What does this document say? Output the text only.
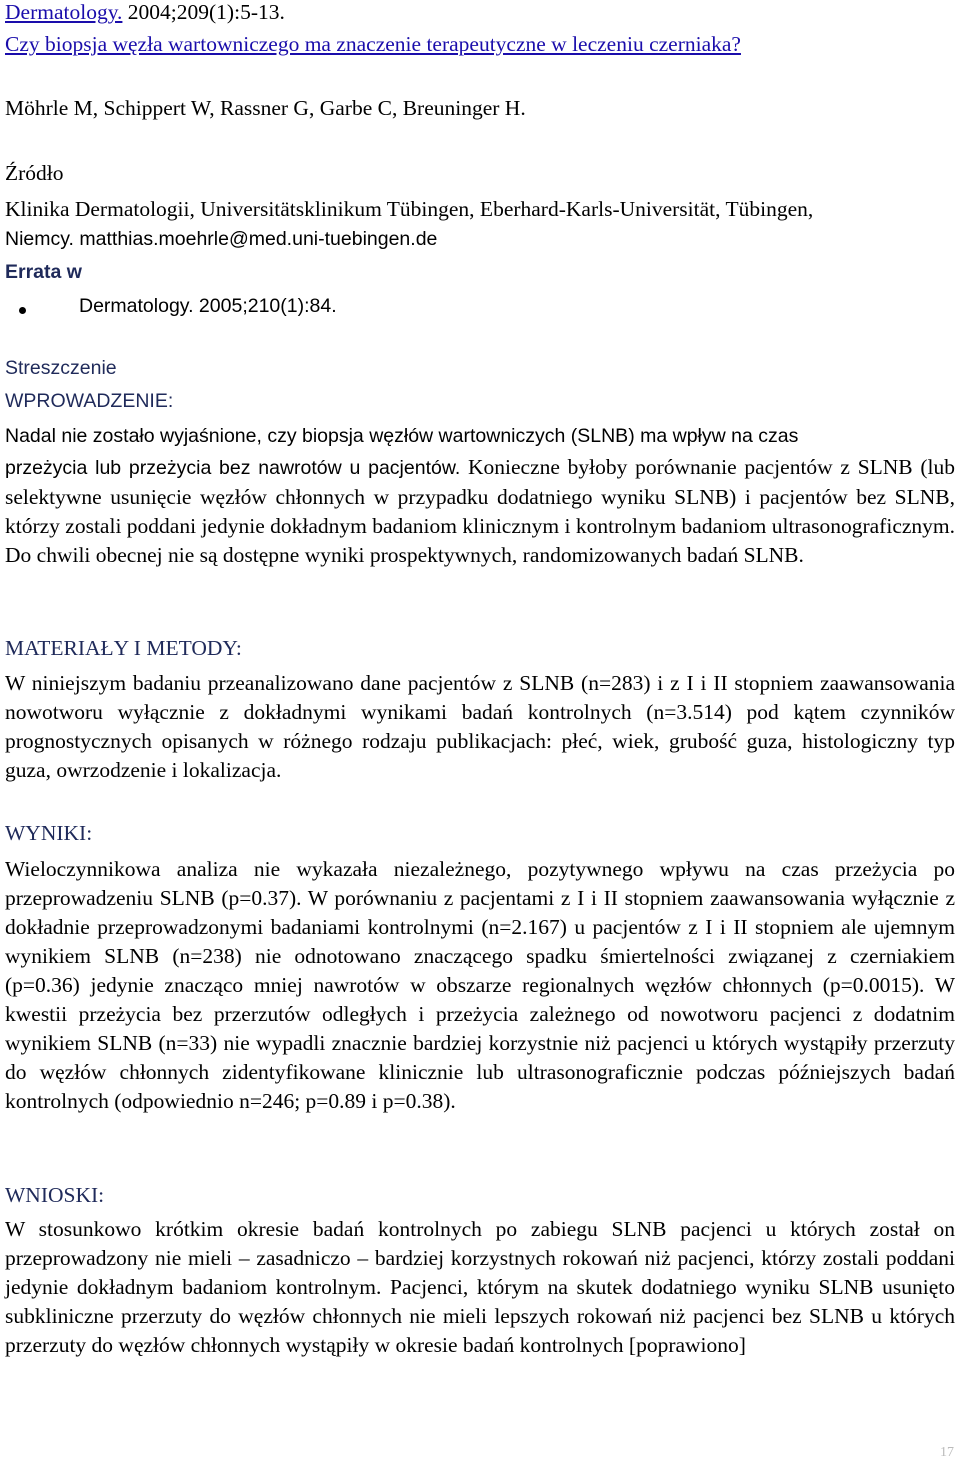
Dermatology. 2004;209(1):5-13.
Czy biopsja węzła wartowniczego ma znaczenie terapeutyczne w leczeniu czerniaka?
Möhrle M, Schippert W, Rassner G, Garbe C, Breuninger H.
Źródło
Klinika Dermatologii, Universitätsklinikum Tübingen, Eberhard-Karls-Universität, Tübingen,
Niemcy. matthias.moehrle@med.uni-tuebingen.de
Errata w
Dermatology. 2005;210(1):84.
Streszczenie
WPROWADZENIE:
Nadal nie zostało wyjaśnione, czy biopsja węzłów wartowniczych (SLNB) ma wpływ na czas
przeżycia lub przeżycia bez nawrotów u pacjentów. Konieczne byłoby porównanie pacjentów z SLNB (lub selektywne usunięcie węzłów chłonnych w przypadku dodatniego wyniku SLNB) i pacjentów bez SLNB, którzy zostali poddani jedynie dokładnym badaniom klinicznym i kontrolnym badaniom ultrasonograficznym. Do chwili obecnej nie są dostępne wyniki prospektywnych, randomizowanych badań SLNB.
MATERIAŁY I METODY:
W niniejszym badaniu przeanalizowano dane pacjentów z SLNB (n=283) i z I i II stopniem zaawansowania nowotworu wyłącznie z dokładnymi wynikami badań kontrolnych (n=3.514) pod kątem czynników prognostycznych opisanych w różnego rodzaju publikacjach: płeć, wiek, grubość guza, histologiczny typ guza, owrzodzenie i lokalizacja.
WYNIKI:
Wieloczynnikowa analiza nie wykazała niezależnego, pozytywnego wpływu na czas przeżycia po przeprowadzeniu SLNB (p=0.37). W porównaniu z pacjentami z I i II stopniem zaawansowania wyłącznie z dokładnie przeprowadzonymi badaniami kontrolnymi (n=2.167) u pacjentów z I i II stopniem ale ujemnym wynikiem SLNB (n=238) nie odnotowano znaczącego spadku śmiertelności związanej z czerniakiem (p=0.36) jedynie znacząco mniej nawrotów w obszarze regionalnych węzłów chłonnych (p=0.0015). W kwestii przeżycia bez przerzutów odległych i przeżycia zależnego od nowotworu pacjenci z dodatnim wynikiem SLNB (n=33) nie wypadli znacznie bardziej korzystnie niż pacjenci u których wystąpiły przerzuty do węzłów chłonnych zidentyfikowane klinicznie lub ultrasonograficznie podczas późniejszych badań kontrolnych (odpowiednio n=246; p=0.89 i p=0.38).
WNIOSKI:
W stosunkowo krótkim okresie badań kontrolnych po zabiegu SLNB pacjenci u których został on przeprowadzony nie mieli – zasadniczo – bardziej korzystnych rokowań niż pacjenci, którzy zostali poddani jedynie dokładnym badaniom kontrolnym. Pacjenci, którym na skutek dodatniego wyniku SLNB usunięto subkliniczne przerzuty do węzłów chłonnych nie mieli lepszych rokowań niż pacjenci bez SLNB u których przerzuty do węzłów chłonnych wystąpiły w okresie badań kontrolnych [poprawiono]
17
